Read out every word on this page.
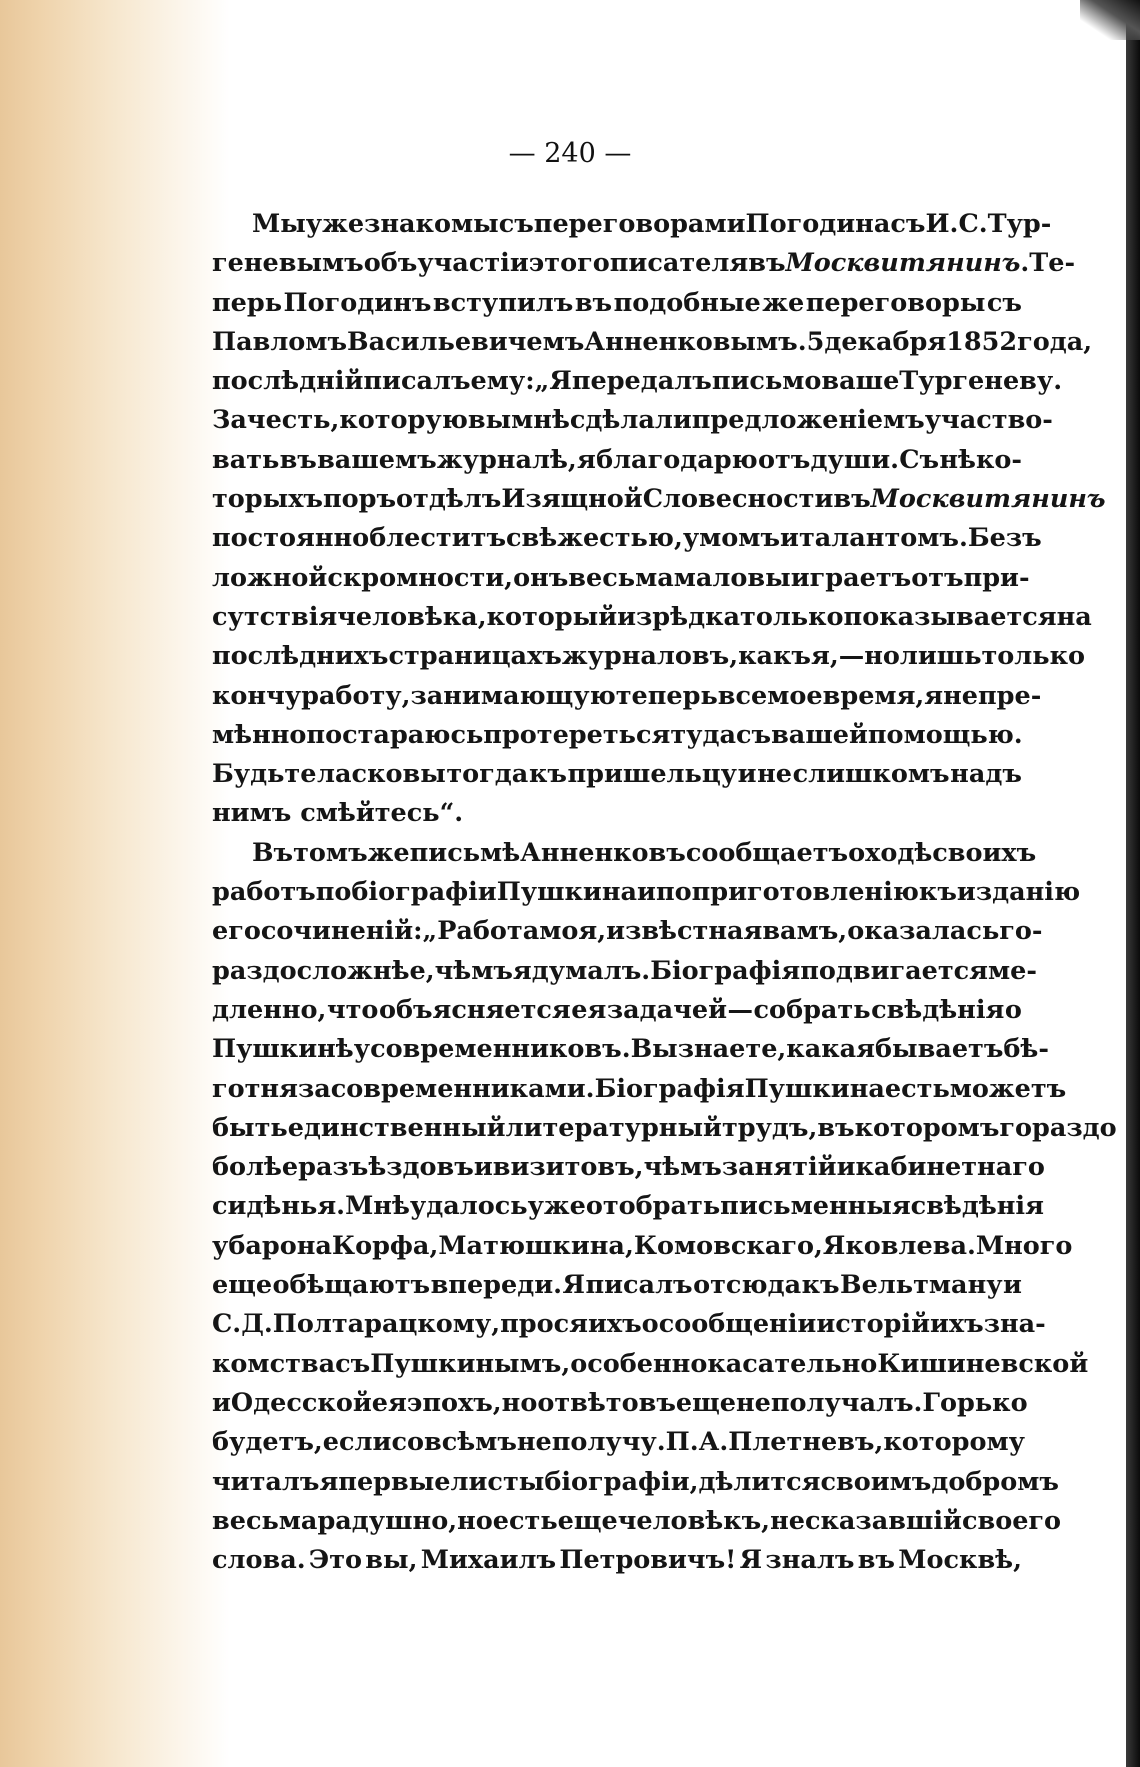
— 240 —
Мы уже знакомы съ переговорами Погодина съ И. С. Тур-
геневымъ объ участіи этого писателя въ Москвитянинъ. Те-
перь Погодинъ вступилъ въ подобные же переговоры съ
Павломъ Васильевичемъ Анненковымъ. 5 декабря 1852 года,
послѣдній писалъ ему: „Я передалъ письмо ваше Тургеневу.
За честь, которую вы мнѣ сдѣлали предложеніемъ участво-
вать въ вашемъ журналѣ, я благодарю отъ души. Съ нѣко-
торыхъ поръ отдѣлъ Изящной Словесности въ Москвитянинъ
постоянно блеститъ свѣжестью, умомъ и талантомъ. Безъ
ложной скромности, онъ весьма мало выиграетъ отъ при-
сутствія человѣка, который изрѣдка только показывается на
послѣднихъ страницахъ журналовъ, какъ я,—но лишь только
кончу работу, занимающую теперь все мое время, я непре-
мѣнно постараюсь протереться туда съ вашей помощью.
Будьте ласковы тогда къ пришельцу и не слишкомъ надъ
нимъ смѣйтесь“.
Въ томъ же письмѣ Анненковъ сообщаетъ о ходѣ своихъ
работъ по біографіи Пушкина и по приготовленію къ изданію
его сочиненій: „Работа моя, извѣстная вамъ, оказалась го-
раздо сложнѣе, чѣмъ я думалъ. Біографія подвигается ме-
дленно, что объясняется ея задачей — собрать свѣдѣнія о
Пушкинѣ у современниковъ. Вы знаете, какая бываетъ бѣ-
готня за современниками. Біографія Пушкина есть можетъ
быть единственный литературный трудъ, въ которомъ гораздо
болѣе разъѣздовъ и визитовъ, чѣмъ занятій и кабинетнаго
сидѣнья. Мнѣ удалось уже отобрать письменныя свѣдѣнія
у барона Корфа, Матюшкина, Комовскаго, Яковлева. Много
еще обѣщаютъ впереди. Я писалъ отсюда къ Вельтману и
С. Д. Полтарацкому, прося ихъ о сообщеніи исторій ихъ зна-
комства съ Пушкинымъ, особенно касательно Кишиневской
и Одесской ея эпохъ, но отвѣтовъ еще не получалъ. Горько
будетъ, если совсѣмъ не получу. П. А. Плетневъ, которому
читалъ я первые листы біографіи, дѣлится своимъ добромъ
весьма радушно, но есть еще человѣкъ, не сказавшій своего
слова. Это вы, Михаилъ Петровичъ! Я зналъ въ Москвѣ,
